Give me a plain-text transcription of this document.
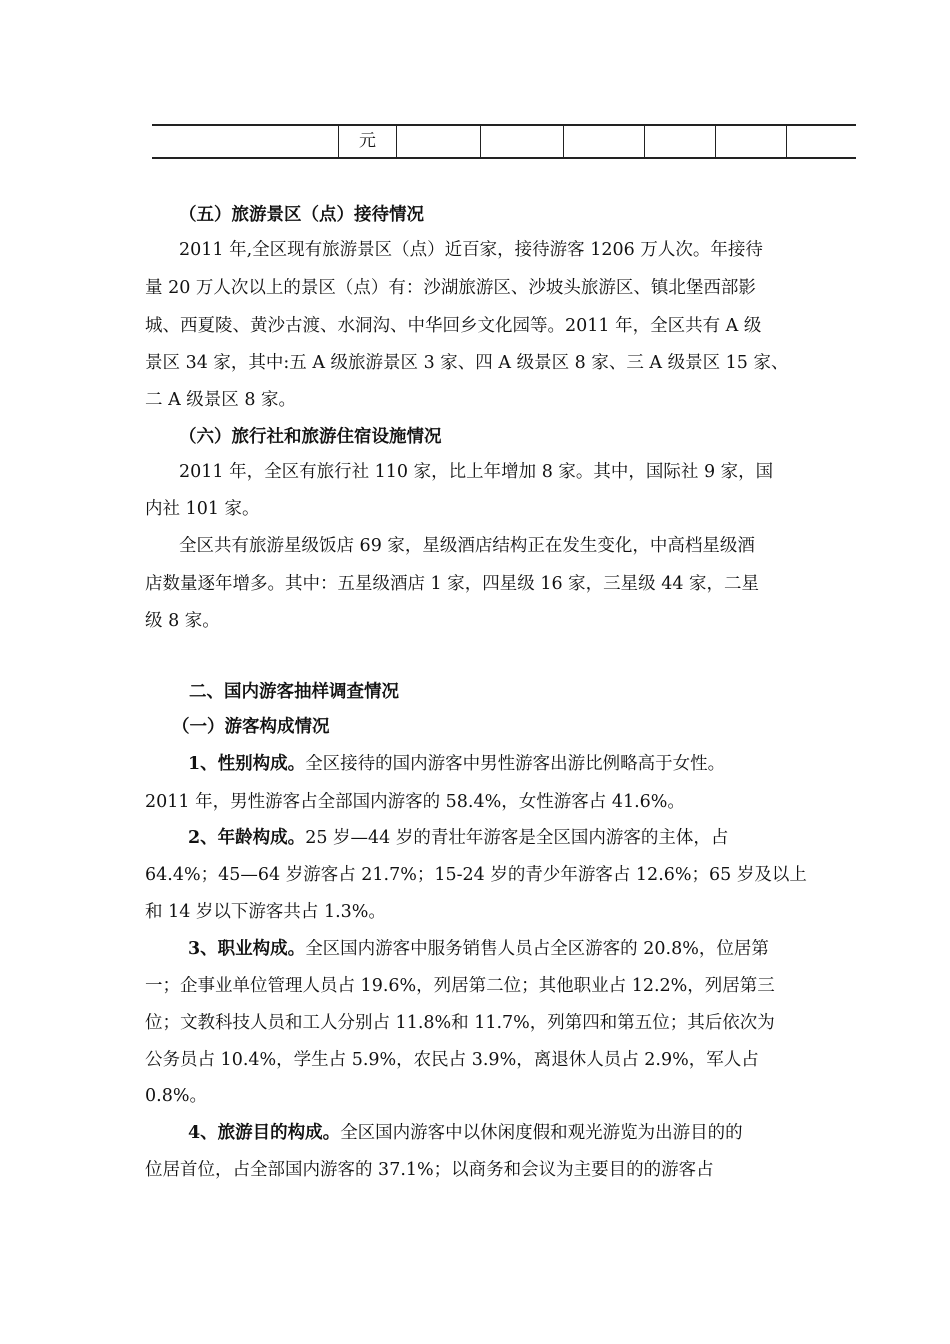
元
（五）旅游景区（点）接待情况
2011 年,全区现有旅游景区（点）近百家，接待游客 1206 万人次。年接待
量 20 万人次以上的景区（点）有：沙湖旅游区、沙坡头旅游区、镇北堡西部影
城、西夏陵、黄沙古渡、水洞沟、中华回乡文化园等。2011 年，全区共有 A 级
景区 34 家，其中:五 A 级旅游景区 3 家、四 A 级景区 8 家、三 A 级景区 15 家、
二 A 级景区 8 家。
（六）旅行社和旅游住宿设施情况
2011 年，全区有旅行社 110 家，比上年增加 8 家。其中，国际社 9 家，国
内社 101 家。
全区共有旅游星级饭店 69 家，星级酒店结构正在发生变化，中高档星级酒
店数量逐年增多。其中：五星级酒店 1 家，四星级 16 家，三星级 44 家，二星
级 8 家。
二、国内游客抽样调查情况
（一）游客构成情况
1、性别构成。全区接待的国内游客中男性游客出游比例略高于女性。
2011 年，男性游客占全部国内游客的 58.4%，女性游客占 41.6%。
2、年龄构成。25 岁—44 岁的青壮年游客是全区国内游客的主体，占
64.4%；45—64 岁游客占 21.7%；15-24 岁的青少年游客占 12.6%；65 岁及以上
和 14 岁以下游客共占 1.3%。
3、职业构成。全区国内游客中服务销售人员占全区游客的 20.8%，位居第
一；企事业单位管理人员占 19.6%，列居第二位；其他职业占 12.2%，列居第三
位；文教科技人员和工人分别占 11.8%和 11.7%，列第四和第五位；其后依次为
公务员占 10.4%，学生占 5.9%，农民占 3.9%，离退休人员占 2.9%，军人占
0.8%。
4、旅游目的构成。全区国内游客中以休闲度假和观光游览为出游目的的
位居首位，占全部国内游客的 37.1%；以商务和会议为主要目的的游客占
